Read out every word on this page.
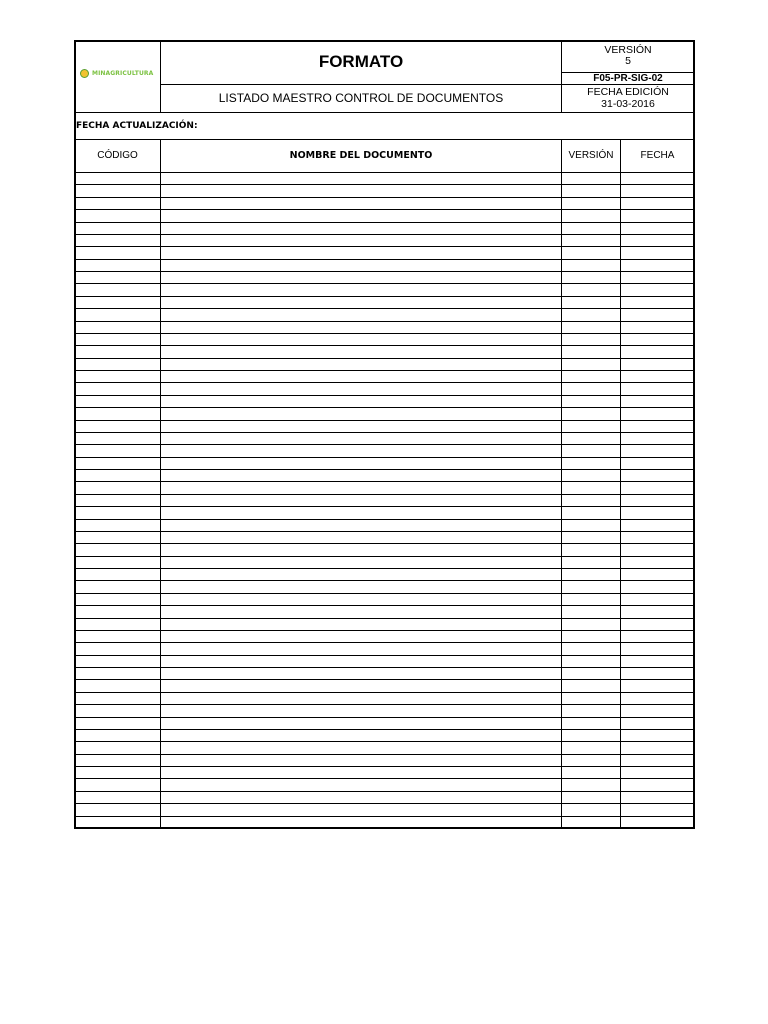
MINAGRICULTURA
FORMATO
LISTADO MAESTRO CONTROL DE DOCUMENTOS
VERSIÓN
5
F05-PR-SIG-02
FECHA EDICIÓN
31-03-2016
FECHA ACTUALIZACIÓN:
CÓDIGO	NOMBRE DEL DOCUMENTO	VERSIÓN	FECHA
